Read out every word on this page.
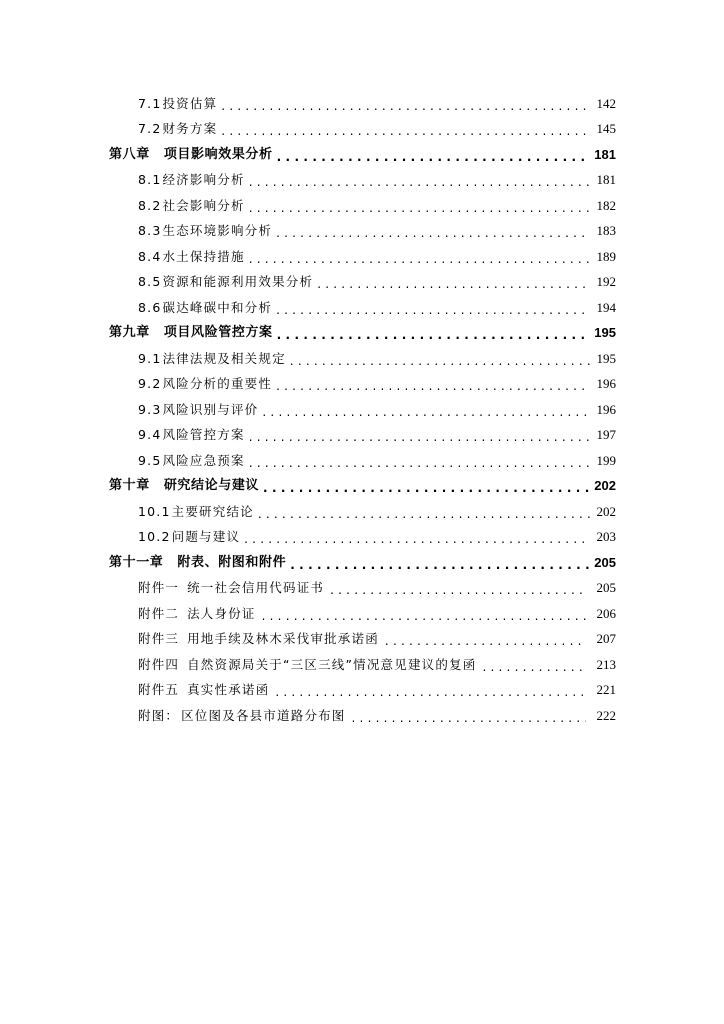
7.1投资估算 . . .	142
7.2财务方案 . . .	145
第八章 项目影响效果分析 . . .	181
8.1经济影响分析 . . .	181
8.2社会影响分析 . . .	182
8.3生态环境影响分析 . . .	183
8.4水土保持措施 . . .	189
8.5资源和能源利用效果分析 . . .	192
8.6碳达峰碳中和分析 . . .	194
第九章 项目风险管控方案 . . .	195
9.1法律法规及相关规定 . . .	195
9.2风险分析的重要性 . . .	196
9.3风险识别与评价 . . .	196
9.4风险管控方案 . . .	197
9.5风险应急预案 . . .	199
第十章 研究结论与建议 . . .	202
10.1主要研究结论 . . .	202
10.2问题与建议 . . .	203
第十一章 附表、附图和附件 . . .	205
附件一 统一社会信用代码证书 . . .	205
附件二 法人身份证 . . .	206
附件三 用地手续及林木采伐审批承诺函 . . .	207
附件四 自然资源局关于“三区三线”情况意见建议的复函 . . .	213
附件五 真实性承诺函 . . .	221
附图： 区位图及各县市道路分布图 . . .	222
